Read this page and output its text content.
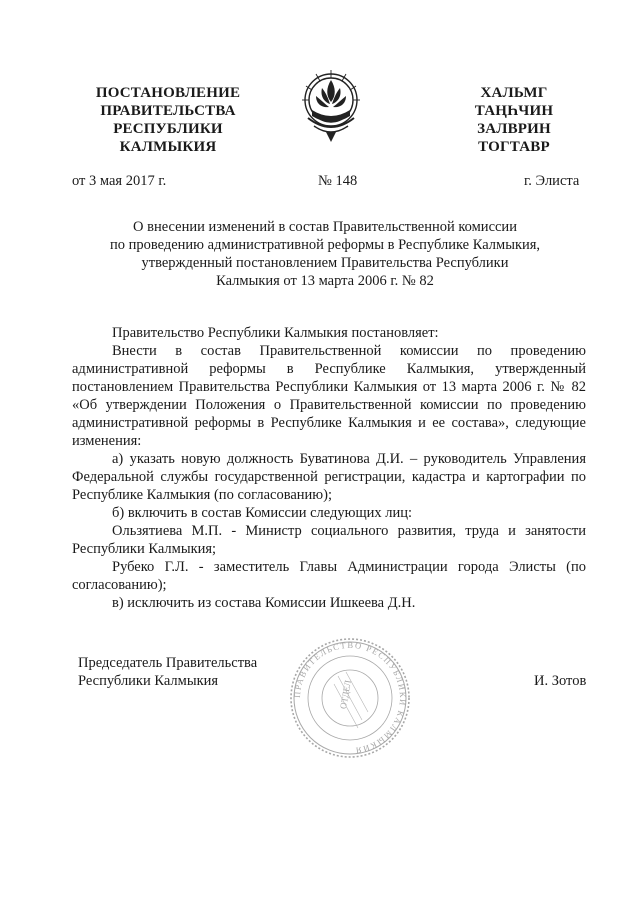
ПОСТАНОВЛЕНИЕ
ПРАВИТЕЛЬСТВА
РЕСПУБЛИКИ
КАЛМЫКИЯ
ХАЛЬМГ
ТАҢҺЧИН
ЗАЛВРИН
ТОГТАВР
от 3 мая 2017 г.	№ 148	г. Элиста
О внесении изменений в состав Правительственной комиссии
по проведению административной реформы в Республике Калмыкия,
утвержденный постановлением Правительства Республики
Калмыкия от 13 марта 2006 г. № 82
Правительство Республики Калмыкия постановляет:
Внести в состав Правительственной комиссии по проведению
административной реформы в Республике Калмыкия, утвержденный
постановлением Правительства Республики Калмыкия от 13 марта 2006 г. № 82
«Об утверждении Положения о Правительственной комиссии по проведению
административной реформы в Республике Калмыкия и ее состава», следующие
изменения:
а) указать новую должность Буватинова Д.И. – руководитель Управления
Федеральной службы государственной регистрации, кадастра и картографии по
Республике Калмыкия (по согласованию);
б) включить в состав Комиссии следующих лиц:
Ользятиева М.П. - Министр социального развития, труда и занятости
Республики Калмыкия;
Рубеко Г.Л. - заместитель Главы Администрации города Элисты (по
согласованию);
в) исключить из состава Комиссии Ишкеева Д.Н.
Председатель Правительства
Республики Калмыкия	И. Зотов
ПРАВИТЕЛЬСТВО РЕСПУБЛИКИ КАЛМЫКИЯ
ОТДЕЛ
